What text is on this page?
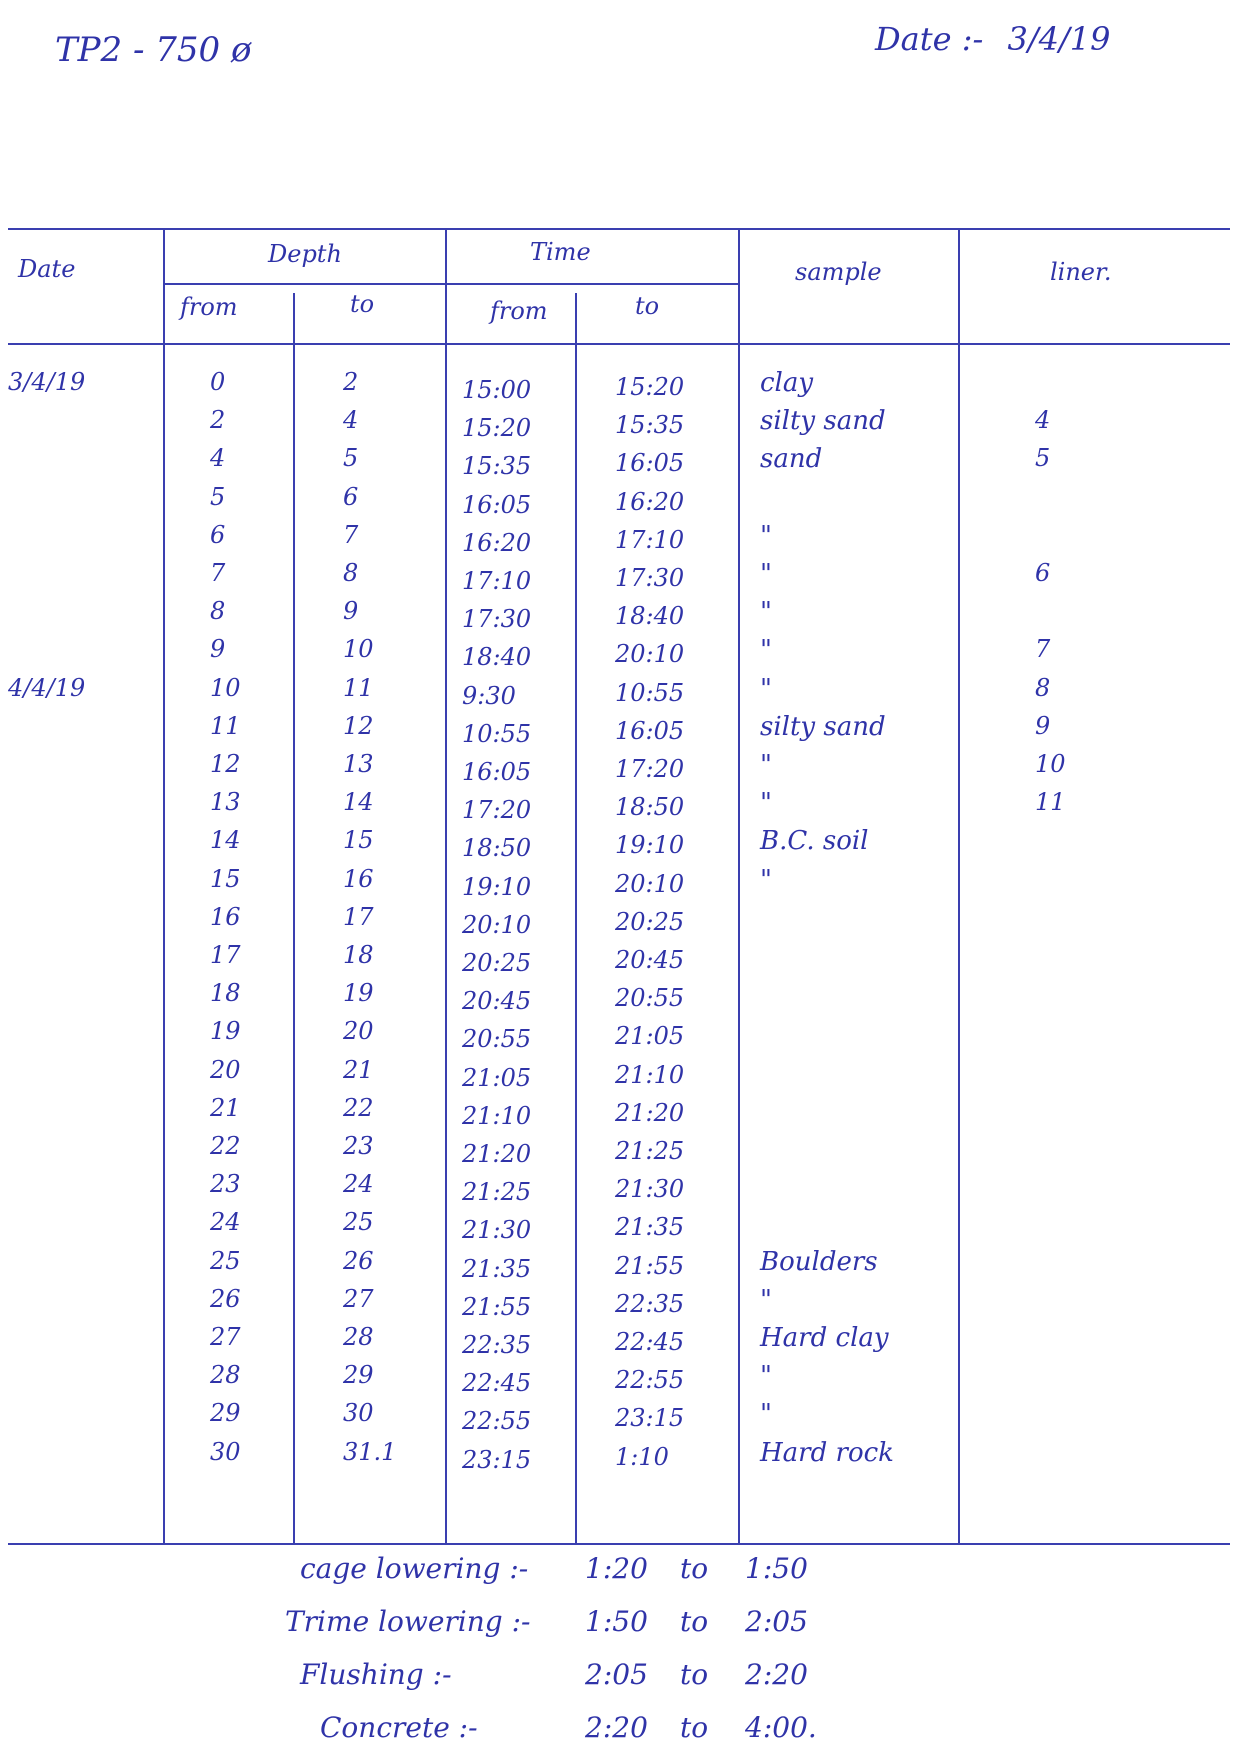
TP2 - 750 ø	Date :- 3/4/19
Date
Depth
from	to
Time
from	to
sample	liner.
3/4/19	0	2	15:00	15:20	clay
2	4	15:20	15:35	silty sand	4
4	5	15:35	16:05	sand	5
5	6	16:05	16:20
6	7	16:20	17:10	"
7	8	17:10	17:30	"	6
8	9	17:30	18:40	"
9	10	18:40	20:10	"	7
4/4/19	10	11	9:30	10:55	"	8
11	12	10:55	16:05	silty sand	9
12	13	16:05	17:20	"	10
13	14	17:20	18:50	"	11
14	15	18:50	19:10	B.C. soil
15	16	19:10	20:10	"
16	17	20:10	20:25
17	18	20:25	20:45
18	19	20:45	20:55
19	20	20:55	21:05
20	21	21:05	21:10
21	22	21:10	21:20
22	23	21:20	21:25
23	24	21:25	21:30
24	25	21:30	21:35
25	26	21:35	21:55	Boulders
26	27	21:55	22:35	"
27	28	22:35	22:45	Hard clay
28	29	22:45	22:55	"
29	30	22:55	23:15	"
30	31.1	23:15	1:10	Hard rock
cage lowering :- 1:20 to 1:50
Trime lowering :- 1:50 to 2:05
Flushing :-	2:05 to 2:20
Concrete :-	2:20 to 4:00.
